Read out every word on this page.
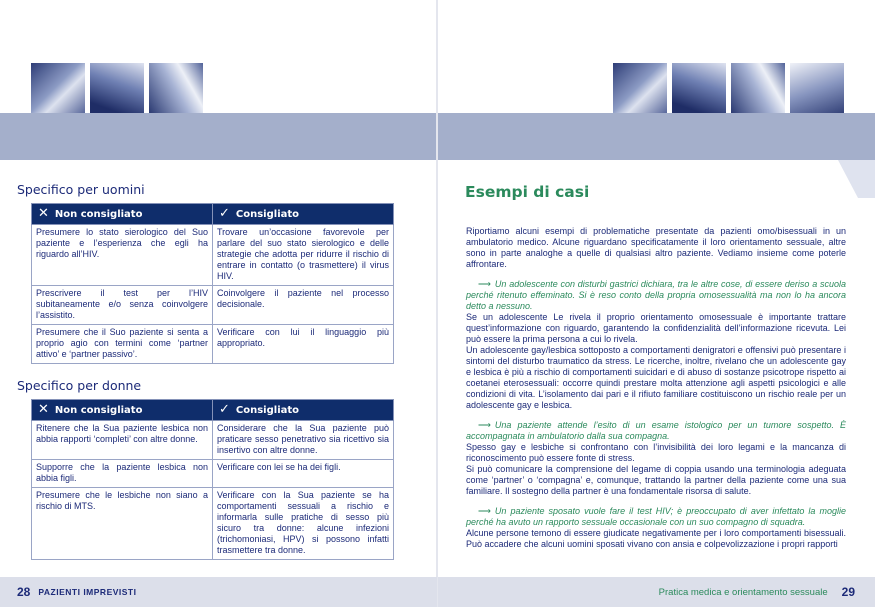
Specifico per uomini
✕ Non consigliato	✓ Consigliato
Presumere lo stato sierologico del Suo paziente e l’esperienza che egli ha riguardo all’HIV.	Trovare un’occasione favorevole per parlare del suo stato sierologico e delle strategie che adotta per ridurre il rischio di entrare in contatto (o trasmettere) il virus HIV.
Prescrivere il test per l’HIV subitaneamente e/o senza coinvolgere l’assistito.	Coinvolgere il paziente nel processo decisionale.
Presumere che il Suo paziente si senta a proprio agio con termini come ‘partner attivo’ e ‘partner passivo’.	Verificare con lui il linguaggio più appropriato.
Specifico per donne
✕ Non consigliato	✓ Consigliato
Ritenere che la Sua paziente lesbica non abbia rapporti ‘completi’ con altre donne.	Considerare che la Sua paziente può praticare sesso penetrativo sia ricettivo sia insertivo con altre donne.
Supporre che la paziente lesbica non abbia figli.	Verificare con lei se ha dei figli.
Presumere che le lesbiche non siano a rischio di MTS.	Verificare con la Sua paziente se ha comportamenti sessuali a rischio e informarla sulle pratiche di sesso più sicuro tra donne: alcune infezioni (trichomoniasi, HPV) si possono infatti trasmettere tra donne.
28 PAZIENTI IMPREVISTI
Esempi di casi

Riportiamo alcuni esempi di problematiche presentate da pazienti omo/bisessuali in un ambulatorio medico. Alcune riguardano specificatamente il loro orientamento sessuale, altre sono in parte analoghe a quelle di qualsiasi altro paziente. Vediamo insieme come poterle affrontare.

⟶ Un adolescente con disturbi gastrici dichiara, tra le altre cose, di essere deriso a scuola perché ritenuto effeminato. Si è reso conto della propria omosessualità ma non lo ha ancora detto a nessuno.

Se un adolescente Le rivela il proprio orientamento omosessuale è importante trattare quest’informazione con riguardo, garantendo la confidenzialità dell’informazione ricevuta. Lei può essere la prima persona a cui lo rivela.

Un adolescente gay/lesbica sottoposto a comportamenti denigratori e offensivi può presentare i sintomi del disturbo traumatico da stress. Le ricerche, inoltre, rivelano che un adolescente gay e lesbica è più a rischio di comportamenti suicidari e di abuso di sostanze psicotrope rispetto ai coetanei eterosessuali: occorre quindi prestare molta attenzione agli aspetti psicologici e alle condizioni di vita. L’isolamento dai pari e il rifiuto familiare costituiscono un rischio reale per un adolescente gay e lesbica.

⟶ Una paziente attende l’esito di un esame istologico per un tumore sospetto. È accompagnata in ambulatorio dalla sua compagna.

Spesso gay e lesbiche si confrontano con l’invisibilità dei loro legami e la mancanza di riconoscimento può essere fonte di stress.

Si può comunicare la comprensione del legame di coppia usando una terminologia adeguata come ‘partner’ o ‘compagna’ e, comunque, trattando la partner della paziente come una sua familiare. Il sostegno della partner è una fondamentale risorsa di salute.

⟶ Un paziente sposato vuole fare il test HIV; è preoccupato di aver infettato la moglie perché ha avuto un rapporto sessuale occasionale con un suo compagno di squadra.

Alcune persone temono di essere giudicate negativamente per i loro comportamenti bisessuali. Può accadere che alcuni uomini sposati vivano con ansia e colpevolizzazione i propri rapporti

Pratica medica e orientamento sessuale 29
